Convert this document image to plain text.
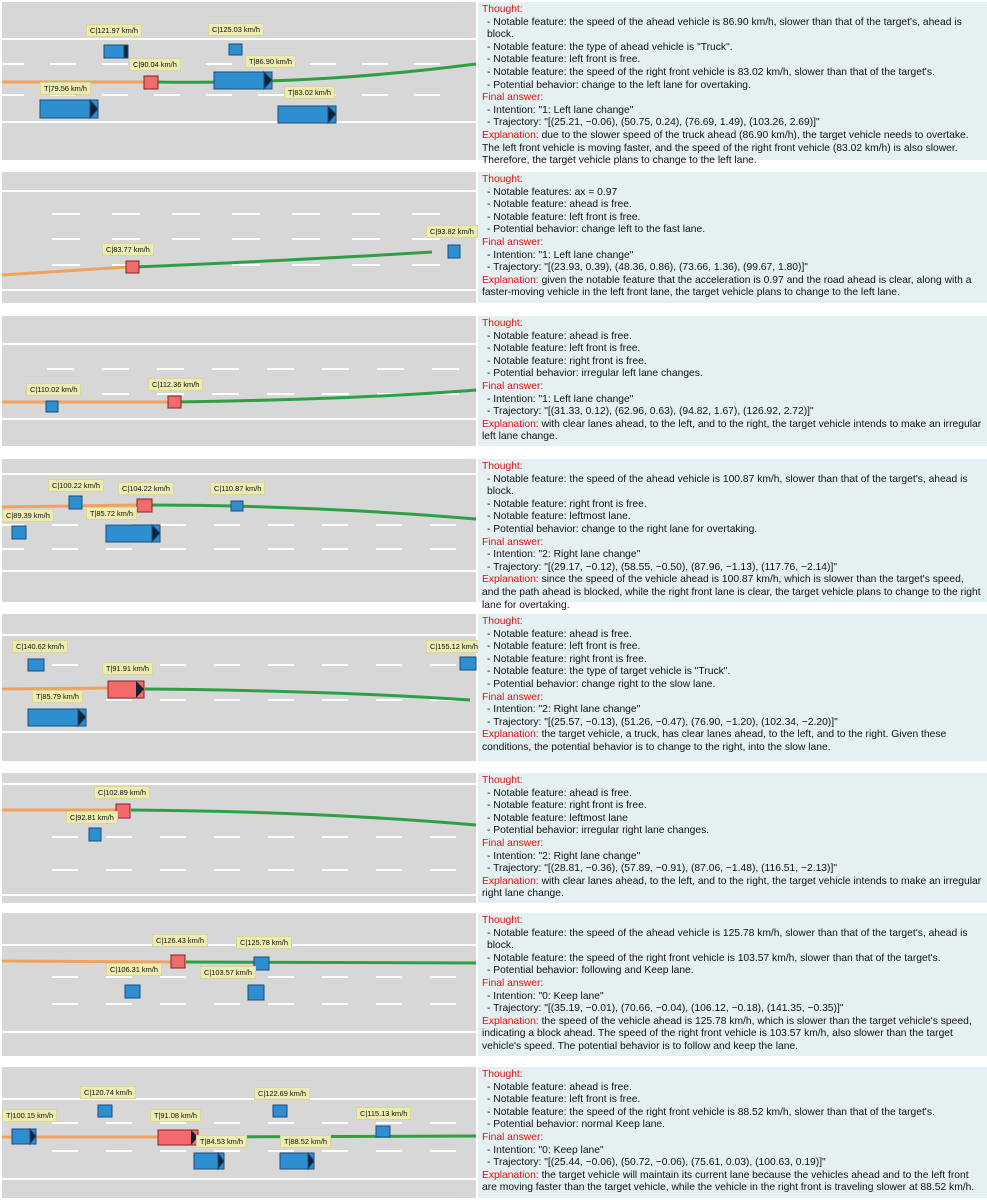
C|121.97 km/h	C|125.03 km/h
C|90.04 km/h	T|86.90 km/h
T|79.56 km/h	T|83.02 km/h
Thought:
- Notable feature: the speed of the ahead vehicle is 86.90 km/h, slower than that of the target's, ahead is block.
- Notable feature: the type of ahead vehicle is "Truck".
- Notable feature: left front is free.
- Notable feature: the speed of the right front vehicle is 83.02 km/h, slower than that of the target's.
- Potential behavior: change to the left lane for overtaking.
Final answer:
- Intention: "1: Left lane change"
- Trajectory: "[(25.21, −0.06), (50.75, 0.24), (76.69, 1.49), (103.26, 2.69)]"
Explanation: due to the slower speed of the truck ahead (86.90 km/h), the target vehicle needs to overtake. The left front vehicle is moving faster, and the speed of the right front vehicle (83.02 km/h) is also slower. Therefore, the target vehicle plans to change to the left lane.
C|83.77 km/h
C|93.82 km/h
Thought:
- Notable features: ax = 0.97
- Notable feature: ahead is free.
- Notable feature: left front is free.
- Potential behavior: change left to the fast lane.
Final answer:
- Intention: "1: Left lane change"
- Trajectory: "[(23.93, 0.39), (48.36, 0.86), (73.66, 1.36), (99.67, 1.80)]"
Explanation: given the notable feature that the acceleration is 0.97 and the road ahead is clear, along with a faster-moving vehicle in the left front lane, the target vehicle plans to change to the left lane.
C|110.02 km/h
C|112.36 km/h
Thought:
- Notable feature: ahead is free.
- Notable feature: left front is free.
- Notable feature: right front is free.
- Potential behavior: irregular left lane changes.
Final answer:
- Intention: "1: Left lane change"
- Trajectory: "[(31.33, 0.12), (62.96, 0.63), (94.82, 1.67), (126.92, 2.72)]"
Explanation: with clear lanes ahead, to the left, and to the right, the target vehicle intends to make an irregular left lane change.
C|100.22 km/h	C|104.22 km/h	C|110.87 km/h
C|89.39 km/h	T|85.72 km/h
Thought:
- Notable feature: the speed of the ahead vehicle is 100.87 km/h, slower than that of the target's, ahead is block.
- Notable feature: right front is free.
- Notable feature: leftmost lane.
- Potential behavior: change to the right lane for overtaking.
Final answer:
- Intention: "2: Right lane change"
- Trajectory: "[(29.17, −0.12), (58.55, −0.50), (87.96, −1.13), (117.76, −2.14)]"
Explanation: since the speed of the vehicle ahead is 100.87 km/h, which is slower than the target's speed, and the path ahead is blocked, while the right front lane is clear, the target vehicle plans to change to the right lane for overtaking.
C|140.62 km/h	C|155.12 km/h
T|91.91 km/h
T|85.79 km/h
Thought:
- Notable feature: ahead is free.
- Notable feature: left front is free.
- Notable feature: right front is free.
- Notable feature: the type of target vehicle is "Truck".
- Potential behavior: change right to the slow lane.
Final answer:
- Intention: "2: Right lane change"
- Trajectory: "[(25.57, −0.13), (51.26, −0.47), (76.90, −1.20), (102.34, −2.20)]"
Explanation: the target vehicle, a truck, has clear lanes ahead, to the left, and to the right. Given these conditions, the potential behavior is to change to the right, into the slow lane.
C|102.89 km/h
C|92.81 km/h
Thought:
- Notable feature: ahead is free.
- Notable feature: right front is free.
- Notable feature: leftmost lane
- Potential behavior: irregular right lane changes.
Final answer:
- Intention: "2: Right lane change"
- Trajectory: "[(28.81, −0.36), (57.89, −0.91), (87.06, −1.48), (116.51, −2.13)]"
Explanation: with clear lanes ahead, to the left, and to the right, the target vehicle intends to make an irregular right lane change.
C|126.43 km/h	C|125.78 km/h
C|106.31 km/h	C|103.57 km/h
Thought:
- Notable feature: the speed of the ahead vehicle is 125.78 km/h, slower than that of the target's, ahead is block.
- Notable feature: the speed of the right front vehicle is 103.57 km/h, slower than that of the target's.
- Potential behavior: following and Keep lane.
Final answer:
- Intention: "0: Keep lane"
- Trajectory: "[(35.19, −0.01), (70.66, −0.04), (106.12, −0.18), (141.35, −0.35)]"
Explanation: the speed of the vehicle ahead is 125.78 km/h, which is slower than the target vehicle's speed, indicating a block ahead. The speed of the right front vehicle is 103.57 km/h, also slower than the target vehicle's speed. The potential behavior is to follow and keep the lane.
C|120.74 km/h	C|122.69 km/h
T|100.15 km/h	T|91.08 km/h	C|115.13 km/h
T|84.53 km/h	T|88.52 km/h
Thought:
- Notable feature: ahead is free.
- Notable feature: left front is free.
- Notable feature: the speed of the right front vehicle is 88.52 km/h, slower than that of the target's.
- Potential behavior: normal Keep lane.
Final answer:
- Intention: "0: Keep lane"
- Trajectory: "[(25.44, −0.06), (50.72, −0.06), (75.61, 0.03), (100.63, 0.19)]"
Explanation: the target vehicle will maintain its current lane because the vehicles ahead and to the left front are moving faster than the target vehicle, while the vehicle in the right front is traveling slower at 88.52 km/h.
